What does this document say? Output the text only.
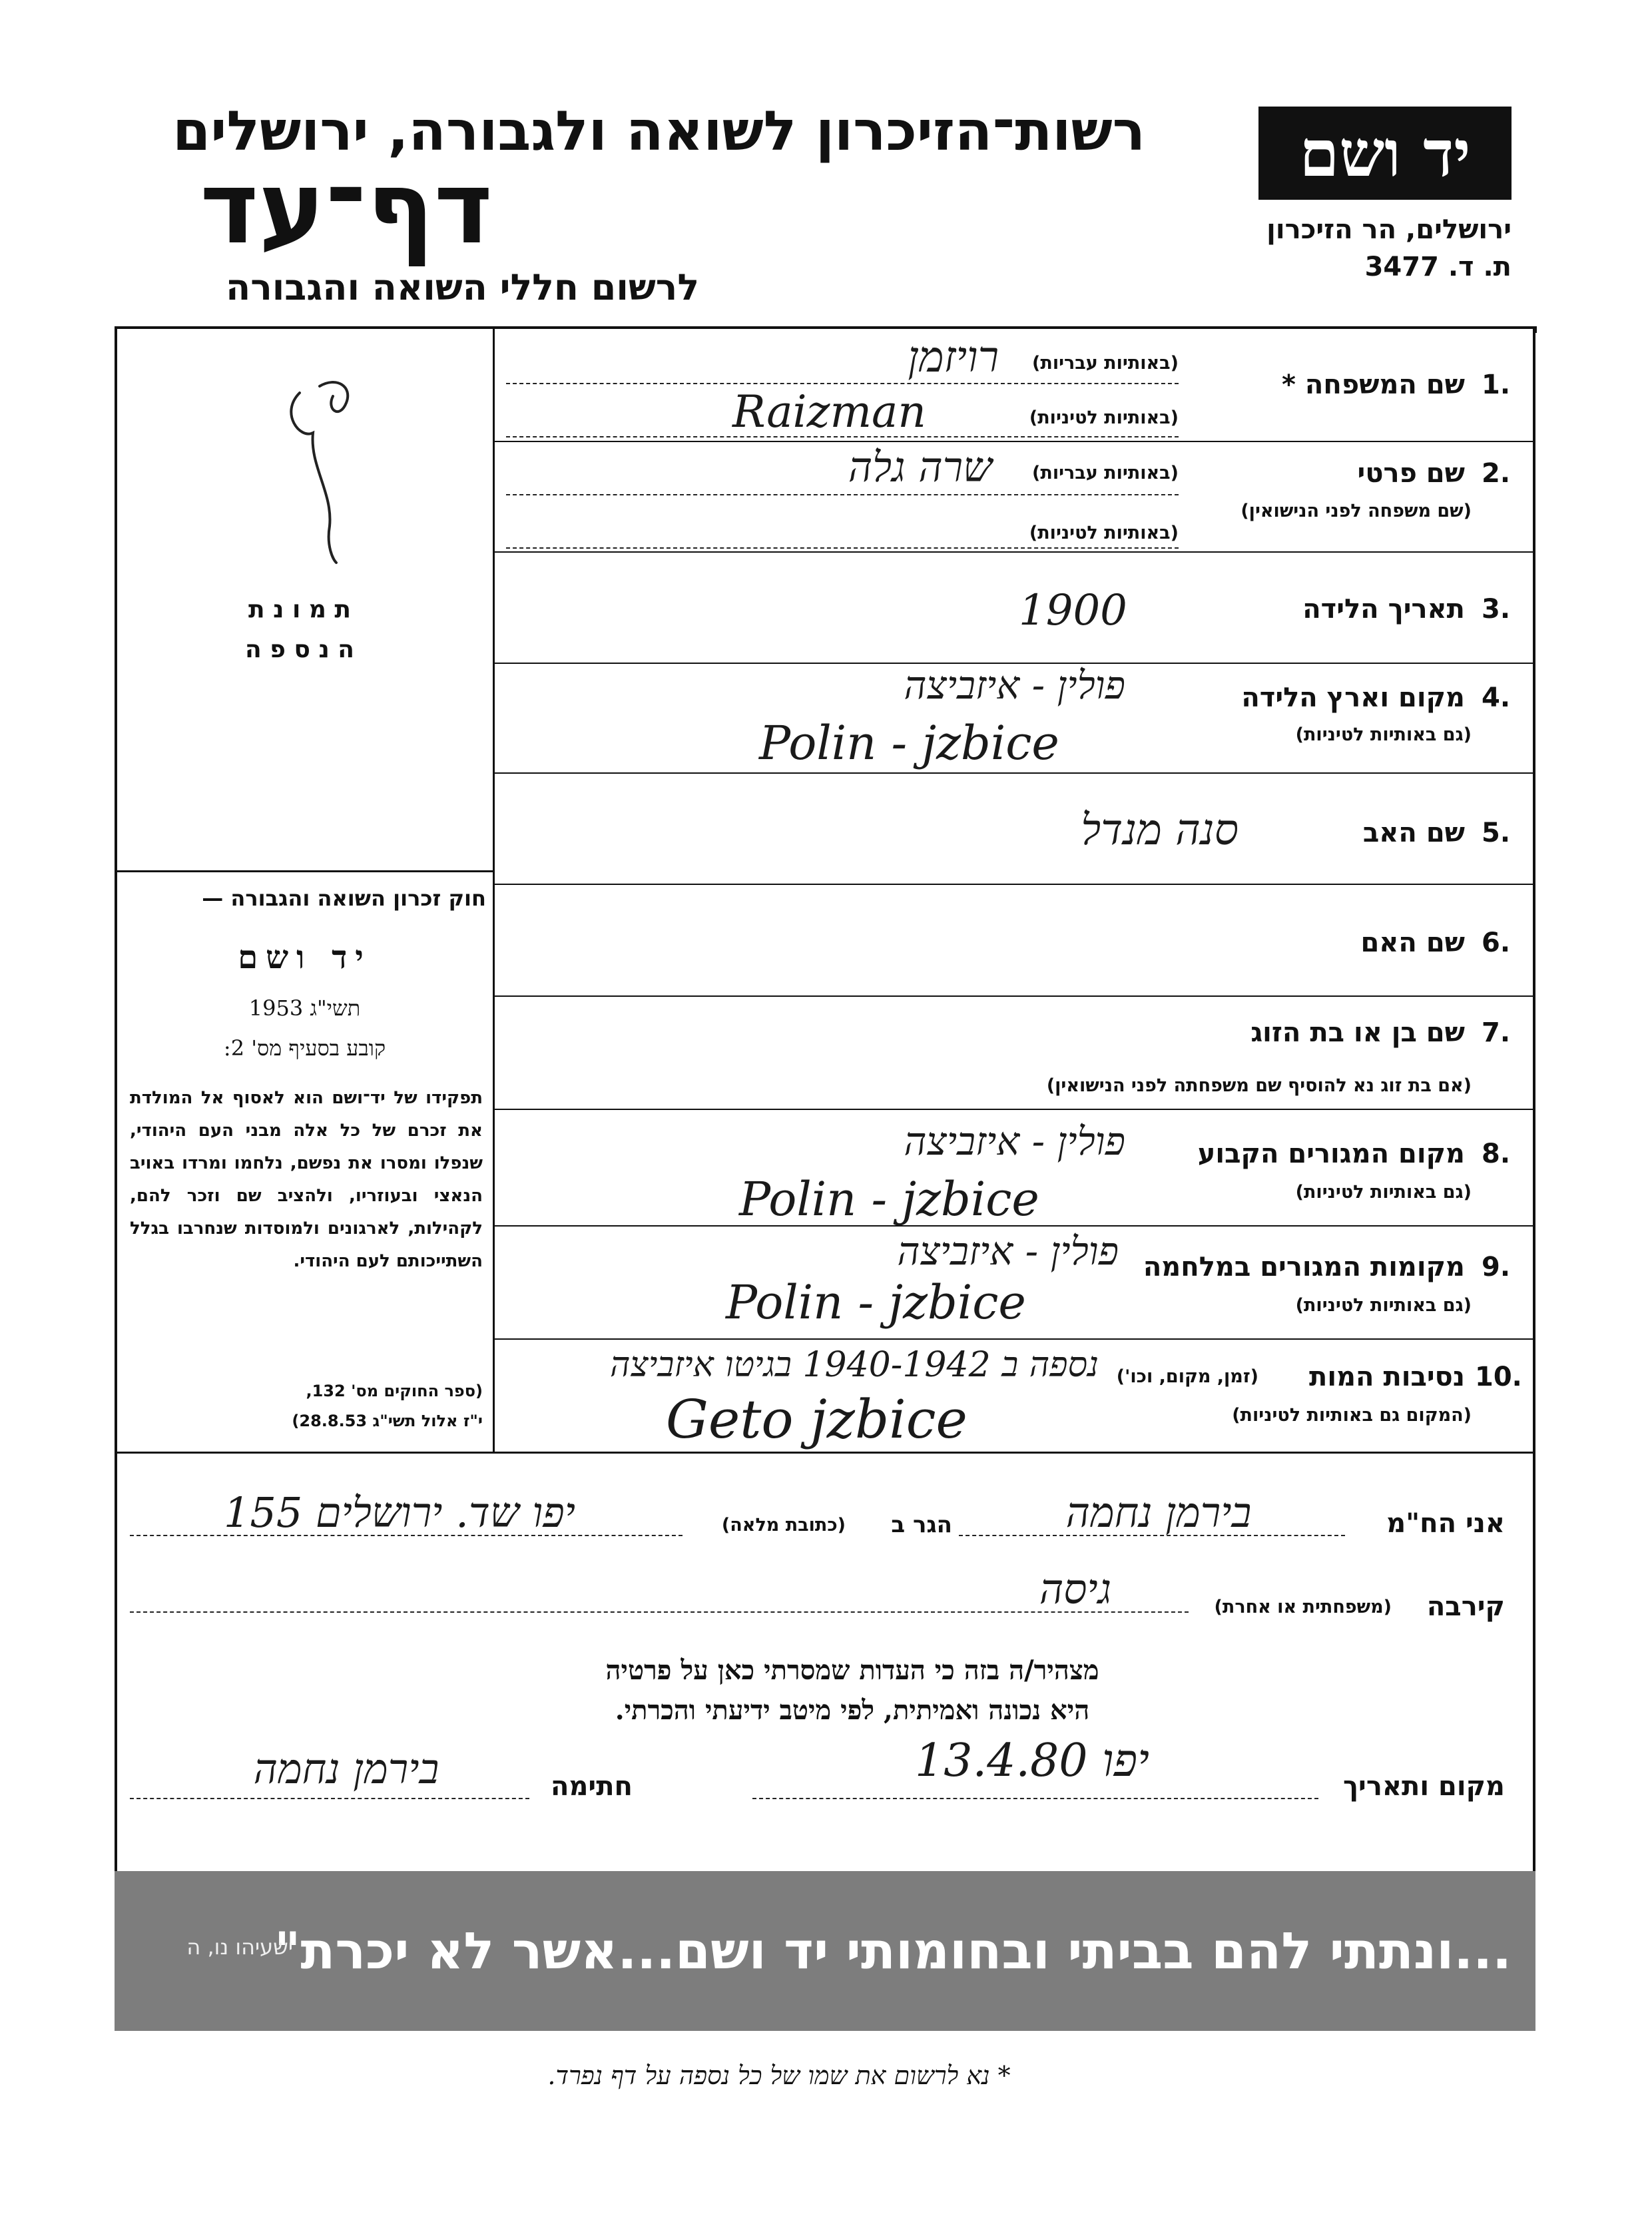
רשות־הזיכרון לשואה ולגבורה, ירושלים
דף־עד
לרשום חללי השואה והגבורה
יד ושם
ירושלים, הר הזיכרון
ת. ד. 3477
ת מ ו נ ת
ה נ ס פ ה
חוק זכרון השואה והגבורה —
יד ושם
תשי"ג 1953
קובע בסעיף מס' 2:
תפקידו של יד־ושם הוא לאסוף אל המולדת את זכרם של כל אלה מבני העם היהודי, שנפלו ומסרו את נפשם, נלחמו ומרדו באויב הנאצי ובעוזריו, ולהציב שם וזכר להם, לקהילות, לארגונים ולמוסדות שנחרבו בגלל השתייכותם לעם היהודי.
(ספר החוקים מס' 132,
י"ז אלול תשי"ג 28.8.53)
1.
שם המשפחה *
(באותיות עבריות)
(באותיות לטיניות)
רויזמן
Raizman
2.
שם פרטי
(שם משפחה לפני הנישואין)
(באותיות עבריות)
(באותיות לטיניות)
שרה גלה
3.
תאריך הלידה
1900
4.
מקום וארץ הלידה
(גם באותיות לטיניות)
פולין - איזביצה
Polin - jzbice
5.
שם האב
סנה מנדל
6.
שם האם
7.
שם בן או בת הזוג
(אם בת זוג נא להוסיף שם משפחתה לפני הנישואין)
8.
מקום המגורים הקבוע
(גם באותיות לטיניות)
פולין - איזביצה
Polin - jzbice
9.
מקומות המגורים במלחמה
(גם באותיות לטיניות)
פולין - איזביצה
Polin - jzbice
10.
נסיבות המות
(זמן, מקום, וכו')
(המקום גם באותיות לטיניות)
נספה ב 1940-1942 בגיטו איזביצה
Geto jzbice
אני הח"מ
בירמן נחמה
הגר ב
(כתובת מלאה)
יפו שד. ירושלים 155
קירבה
(משפחתית או אחרת)
גיסה
מצהיר/ה בזה כי העדות שמסרתי כאן על פרטיה
היא נכונה ואמיתית, לפי מיטב ידיעתי והכרתי.
מקום ותאריך
יפו 13.4.80
חתימה
בירמן נחמה
...ונתתי להם בביתי ובחומותי יד ושם...אשר לא יכרת"
ישעיהו נו, ה
* נא לרשום את שמו של כל נספה על דף נפרד.
